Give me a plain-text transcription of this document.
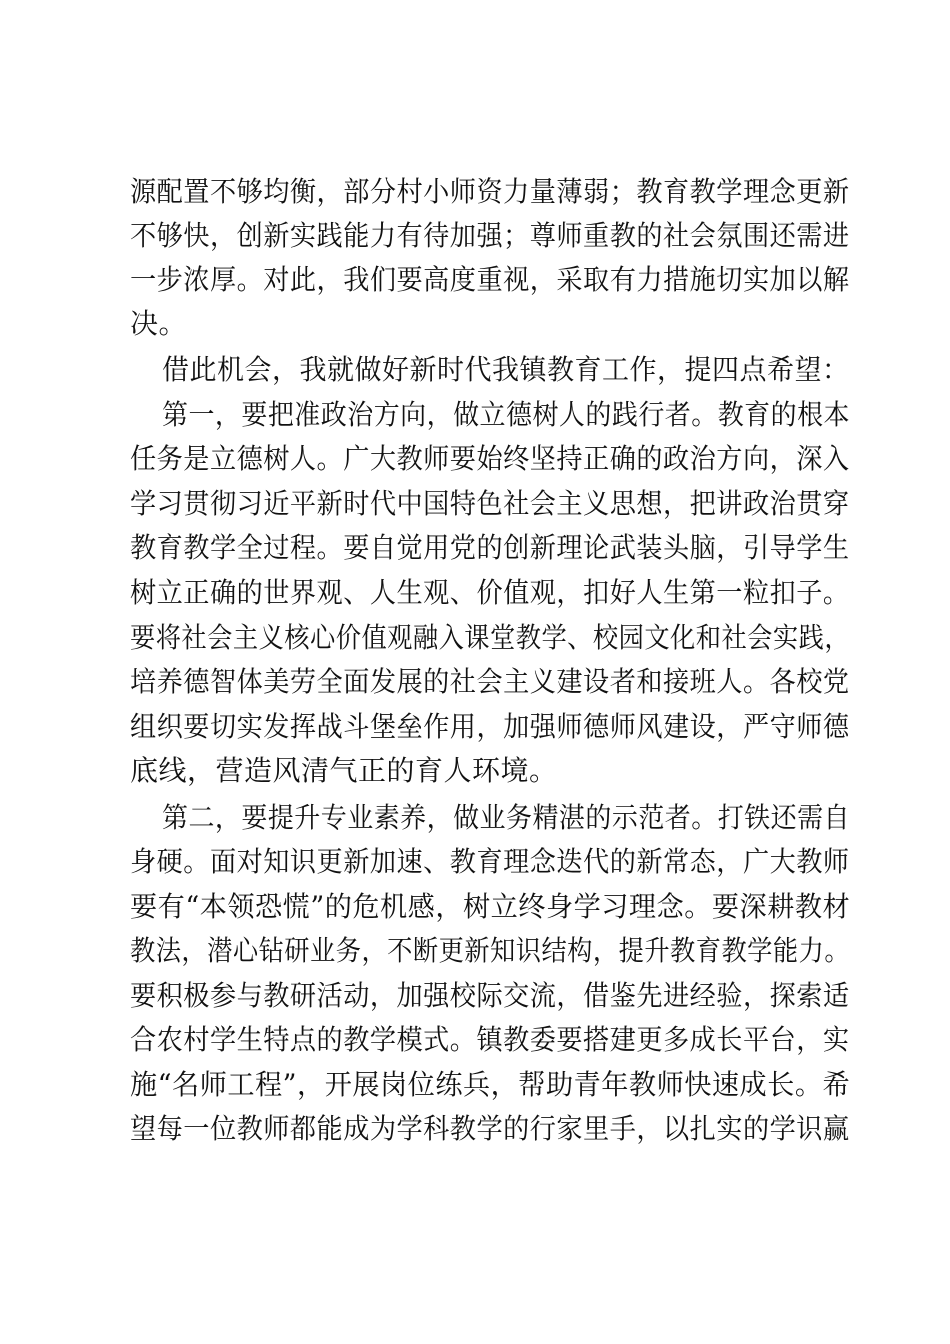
源配置不够均衡，部分村小师资力量薄弱；教育教学理念更新

不够快，创新实践能力有待加强；尊师重教的社会氛围还需进

一步浓厚。对此，我们要高度重视，采取有力措施切实加以解

决。

借此机会，我就做好新时代我镇教育工作，提四点希望：

第一，要把准政治方向，做立德树人的践行者。教育的根本

任务是立德树人。广大教师要始终坚持正确的政治方向，深入

学习贯彻习近平新时代中国特色社会主义思想，把讲政治贯穿

教育教学全过程。要自觉用党的创新理论武装头脑，引导学生

树立正确的世界观、人生观、价值观，扣好人生第一粒扣子。

要将社会主义核心价值观融入课堂教学、校园文化和社会实践，

培养德智体美劳全面发展的社会主义建设者和接班人。各校党

组织要切实发挥战斗堡垒作用，加强师德师风建设，严守师德

底线，营造风清气正的育人环境。

第二，要提升专业素养，做业务精湛的示范者。打铁还需自

身硬。面对知识更新加速、教育理念迭代的新常态，广大教师

要有“本领恐慌”的危机感，树立终身学习理念。要深耕教材

教法，潜心钻研业务，不断更新知识结构，提升教育教学能力。

要积极参与教研活动，加强校际交流，借鉴先进经验，探索适

合农村学生特点的教学模式。镇教委要搭建更多成长平台，实

施“名师工程”，开展岗位练兵，帮助青年教师快速成长。希

望每一位教师都能成为学科教学的行家里手，以扎实的学识赢
